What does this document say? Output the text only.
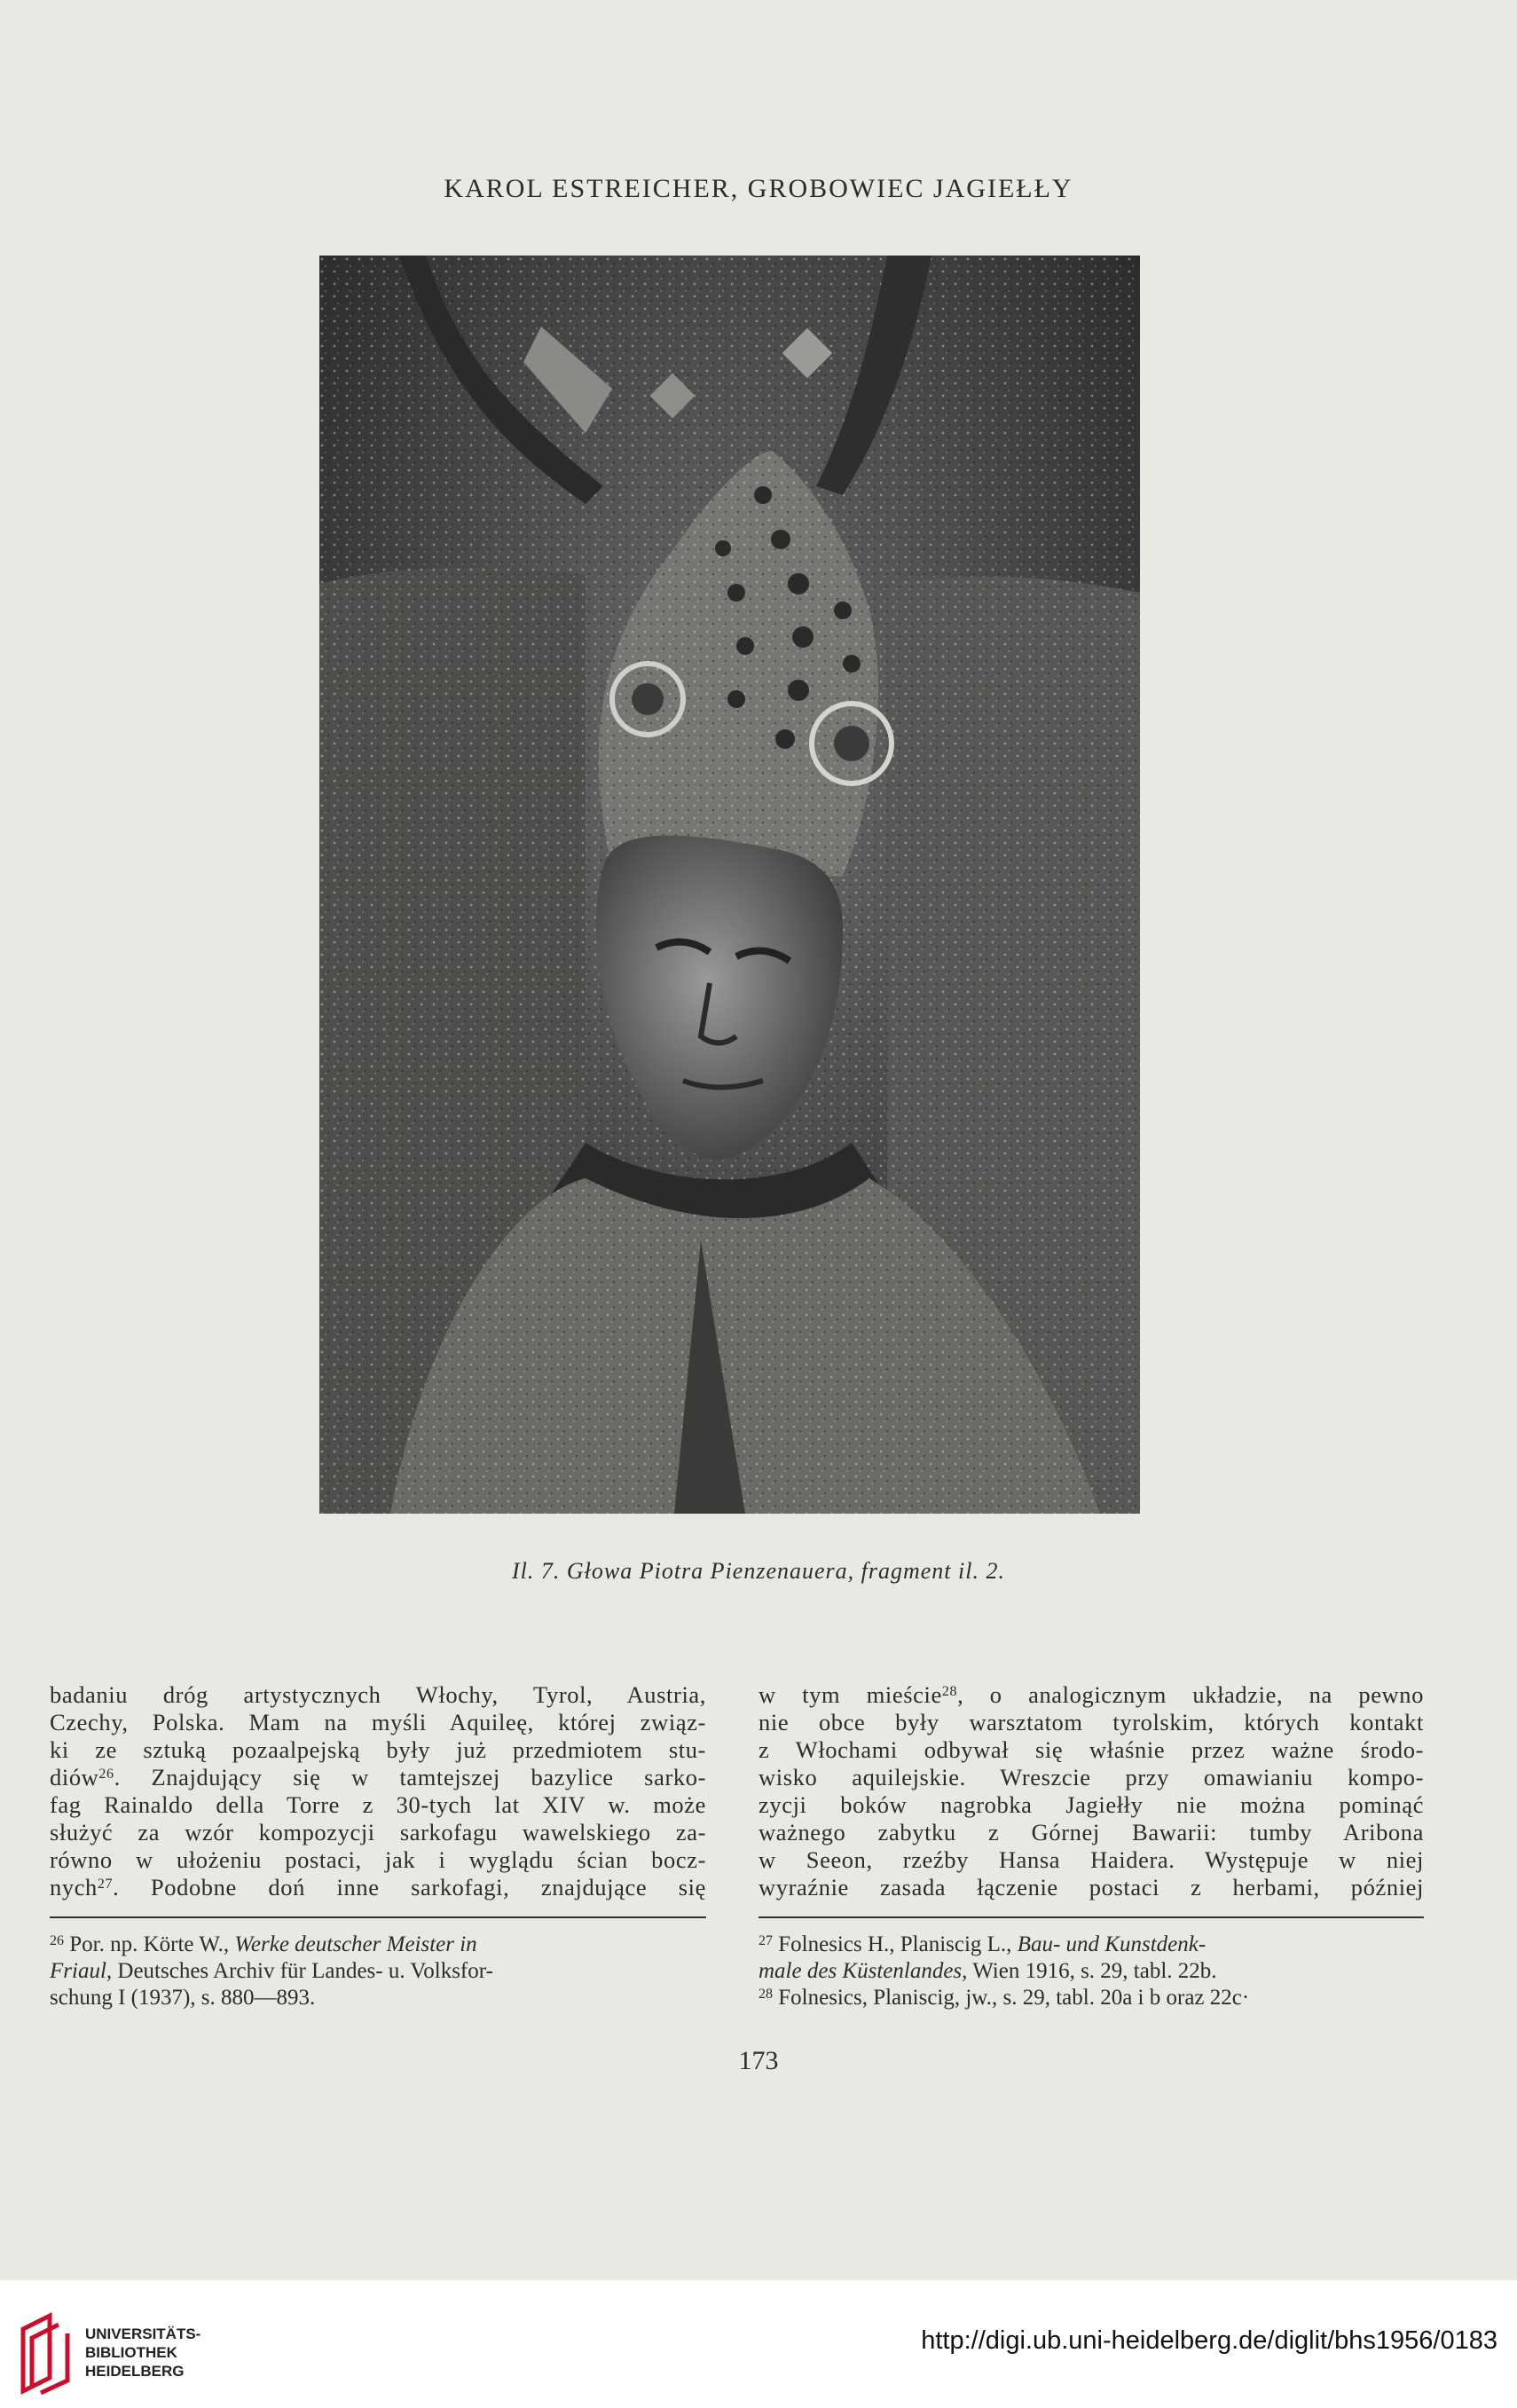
KAROL ESTREICHER, GROBOWIEC JAGIEŁŁY
Il. 7. Głowa Piotra Pienzenauera, fragment il. 2.

badaniu dróg artystycznych Włochy, Tyrol, Austria,

Czechy, Polska. Mam na myśli Aquileę, której związ-

ki ze sztuką pozaalpejską były już przedmiotem stu-

diów$^{26}$. Znajdujący się w tamtejszej bazylice sarko-

fag Rainaldo della Torre z 30-tych lat XIV w. może

służyć za wzór kompozycji sarkofagu wawelskiego za-

równo w ułożeniu postaci, jak i wyglądu ścian bocz-

nych$^{27}$. Podobne doń inne sarkofagi, znajdujące się

w tym mieście$^{28}$, o analogicznym układzie, na pewno

nie obce były warsztatom tyrolskim, których kontakt

z Włochami odbywał się właśnie przez ważne środo-

wisko aquilejskie. Wreszcie przy omawianiu kompo-

zycji boków nagrobka Jagiełły nie można pominąć

ważnego zabytku z Górnej Bawarii: tumby Aribona

w Seeon, rzeźby Hansa Haidera. Występuje w niej

wyraźnie zasada łączenie postaci z herbami, później

$^{26}$ Por. np. Körte W., Werke deutscher Meister in

Friaul, Deutsches Archiv für Landes- u. Volksfor-

schung I (1937), s. 880—893.

$^{27}$ Folnesics H., Planiscig L., Bau- und Kunstdenk-

male des Küstenlandes, Wien 1916, s. 29, tabl. 22b.

$^{28}$ Folnesics, Planiscig, jw., s. 29, tabl. 20a i b oraz 22c·

173
UNIVERSITÄTS-
BIBLIOTHEK
HEIDELBERG
http://digi.ub.uni-heidelberg.de/diglit/bhs1956/0183
